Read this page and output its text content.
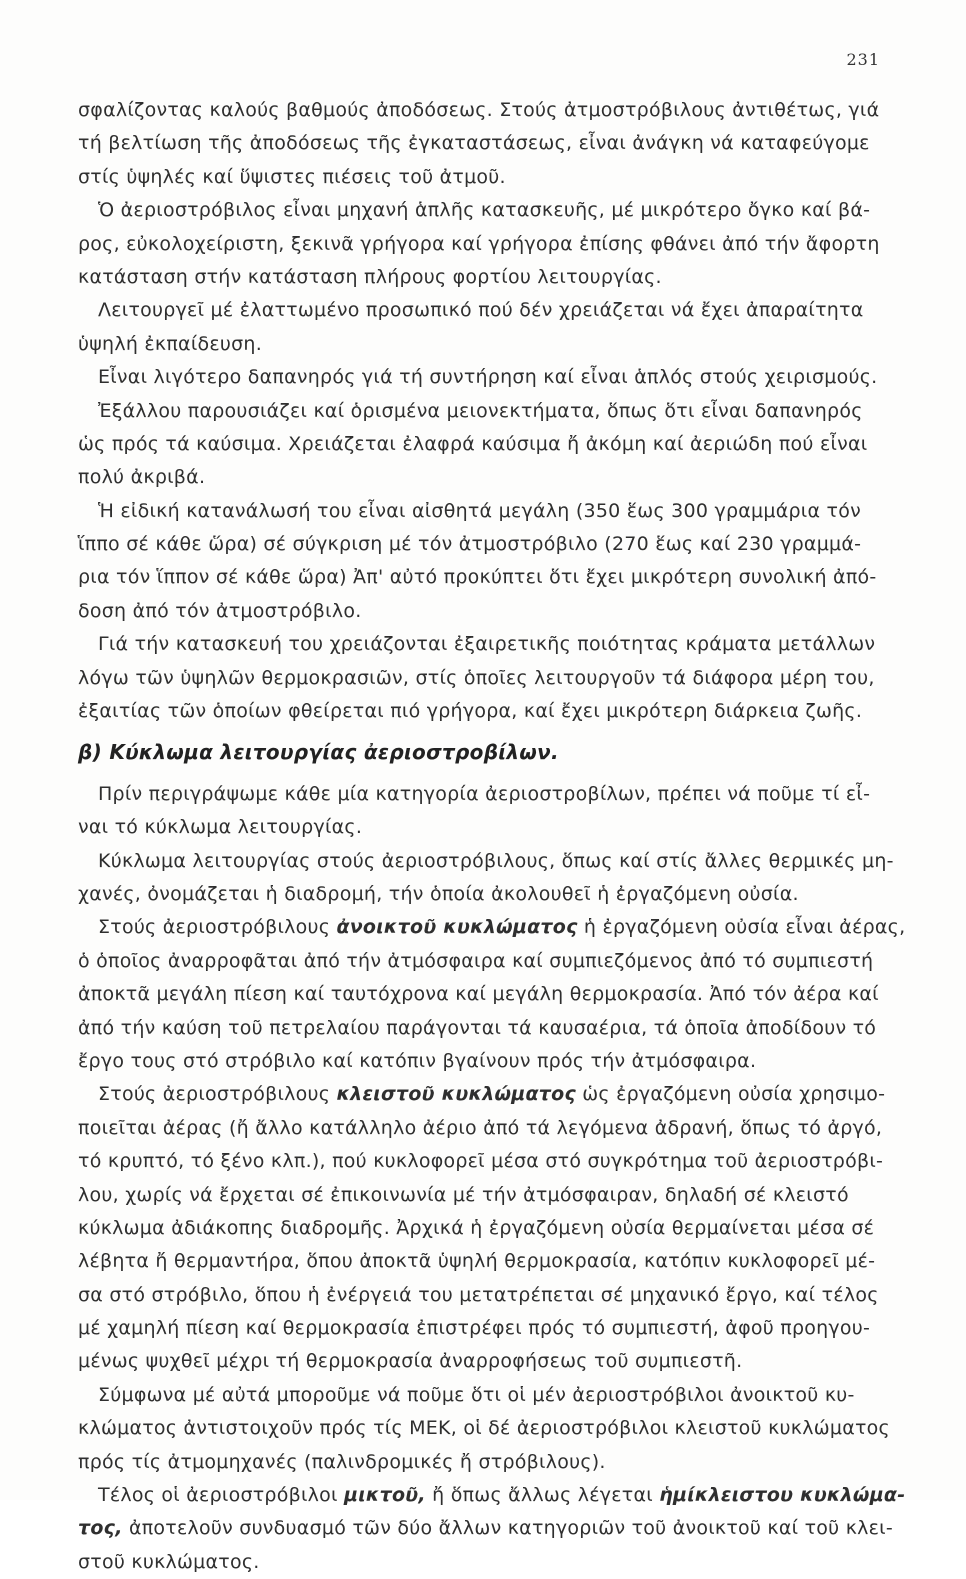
231
σφαλίζοντας καλούς βαθμούς ἀποδόσεως. Στούς ἀτμοστρόβιλους ἀντιθέτως, γιά
τή βελτίωση τῆς ἀποδόσεως τῆς ἐγκαταστάσεως, εἶναι ἀνάγκη νά καταφεύγομε
στίς ὑψηλές καί ὕψιστες πιέσεις τοῦ ἀτμοῦ.
Ὁ ἀεριοστρόβιλος εἶναι μηχανή ἁπλῆς κατασκευῆς, μέ μικρότερο ὄγκο καί βά-
ρος, εὐκολοχείριστη, ξεκινᾶ γρήγορα καί γρήγορα ἐπίσης φθάνει ἀπό τήν ἄφορτη
κατάσταση στήν κατάσταση πλήρους φορτίου λειτουργίας.
Λειτουργεῖ μέ ἐλαττωμένο προσωπικό πού δέν χρειάζεται νά ἔχει ἀπαραίτητα
ὑψηλή ἐκπαίδευση.
Εἶναι λιγότερο δαπανηρός γιά τή συντήρηση καί εἶναι ἁπλός στούς χειρισμούς.
Ἐξάλλου παρουσιάζει καί ὁρισμένα μειονεκτήματα, ὅπως ὅτι εἶναι δαπανηρός
ὡς πρός τά καύσιμα. Χρειάζεται ἐλαφρά καύσιμα ἤ ἀκόμη καί ἀεριώδη πού εἶναι
πολύ ἀκριβά.
Ἡ εἰδική κατανάλωσή του εἶναι αἰσθητά μεγάλη (350 ἕως 300 γραμμάρια τόν
ἵππο σέ κάθε ὥρα) σέ σύγκριση μέ τόν ἀτμοστρόβιλο (270 ἕως καί 230 γραμμά-
ρια τόν ἵππον σέ κάθε ὥρα) Ἀπ' αὐτό προκύπτει ὅτι ἔχει μικρότερη συνολική ἀπό-
δοση ἀπό τόν ἀτμοστρόβιλο.
Γιά τήν κατασκευή του χρειάζονται ἐξαιρετικῆς ποιότητας κράματα μετάλλων
λόγω τῶν ὑψηλῶν θερμοκρασιῶν, στίς ὁποῖες λειτουργοῦν τά διάφορα μέρη του,
ἐξαιτίας τῶν ὁποίων φθείρεται πιό γρήγορα, καί ἔχει μικρότερη διάρκεια ζωῆς.
β) Κύκλωμα λειτουργίας ἀεριοστροβίλων.
Πρίν περιγράψωμε κάθε μία κατηγορία ἀεριοστροβίλων, πρέπει νά ποῦμε τί εἶ-
ναι τό κύκλωμα λειτουργίας.
Κύκλωμα λειτουργίας στούς ἀεριοστρόβιλους, ὅπως καί στίς ἄλλες θερμικές μη-
χανές, ὀνομάζεται ἡ διαδρομή, τήν ὁποία ἀκολουθεῖ ἡ ἐργαζόμενη οὐσία.
Στούς ἀεριοστρόβιλους ἀνοικτοῦ κυκλώματος ἡ ἐργαζόμενη οὐσία εἶναι ἀέρας,
ὁ ὁποῖος ἀναρροφᾶται ἀπό τήν ἀτμόσφαιρα καί συμπιεζόμενος ἀπό τό συμπιεστή
ἀποκτᾶ μεγάλη πίεση καί ταυτόχρονα καί μεγάλη θερμοκρασία. Ἀπό τόν ἀέρα καί
ἀπό τήν καύση τοῦ πετρελαίου παράγονται τά καυσαέρια, τά ὁποῖα ἀποδίδουν τό
ἔργο τους στό στρόβιλο καί κατόπιν βγαίνουν πρός τήν ἀτμόσφαιρα.
Στούς ἀεριοστρόβιλους κλειστοῦ κυκλώματος ὡς ἐργαζόμενη οὐσία χρησιμο-
ποιεῖται ἀέρας (ἤ ἄλλο κατάλληλο ἀέριο ἀπό τά λεγόμενα ἀδρανή, ὅπως τό ἀργό,
τό κρυπτό, τό ξένο κλπ.), πού κυκλοφορεῖ μέσα στό συγκρότημα τοῦ ἀεριοστρόβι-
λου, χωρίς νά ἔρχεται σέ ἐπικοινωνία μέ τήν ἀτμόσφαιραν, δηλαδή σέ κλειστό
κύκλωμα ἀδιάκοπης διαδρομῆς. Ἀρχικά ἡ ἐργαζόμενη οὐσία θερμαίνεται μέσα σέ
λέβητα ἤ θερμαντήρα, ὅπου ἀποκτᾶ ὑψηλή θερμοκρασία, κατόπιν κυκλοφορεῖ μέ-
σα στό στρόβιλο, ὅπου ἡ ἐνέργειά του μετατρέπεται σέ μηχανικό ἔργο, καί τέλος
μέ χαμηλή πίεση καί θερμοκρασία ἐπιστρέφει πρός τό συμπιεστή, ἀφοῦ προηγου-
μένως ψυχθεῖ μέχρι τή θερμοκρασία ἀναρροφήσεως τοῦ συμπιεστῆ.
Σύμφωνα μέ αὐτά μποροῦμε νά ποῦμε ὅτι οἱ μέν ἀεριοστρόβιλοι ἀνοικτοῦ κυ-
κλώματος ἀντιστοιχοῦν πρός τίς ΜΕΚ, οἱ δέ ἀεριοστρόβιλοι κλειστοῦ κυκλώματος
πρός τίς ἀτμομηχανές (παλινδρομικές ἤ στρόβιλους).
Τέλος οἱ ἀεριοστρόβιλοι μικτοῦ, ἤ ὅπως ἄλλως λέγεται ἡμίκλειστου κυκλώμα-
τος, ἀποτελοῦν συνδυασμό τῶν δύο ἄλλων κατηγοριῶν τοῦ ἀνοικτοῦ καί τοῦ κλει-
στοῦ κυκλώματος.
